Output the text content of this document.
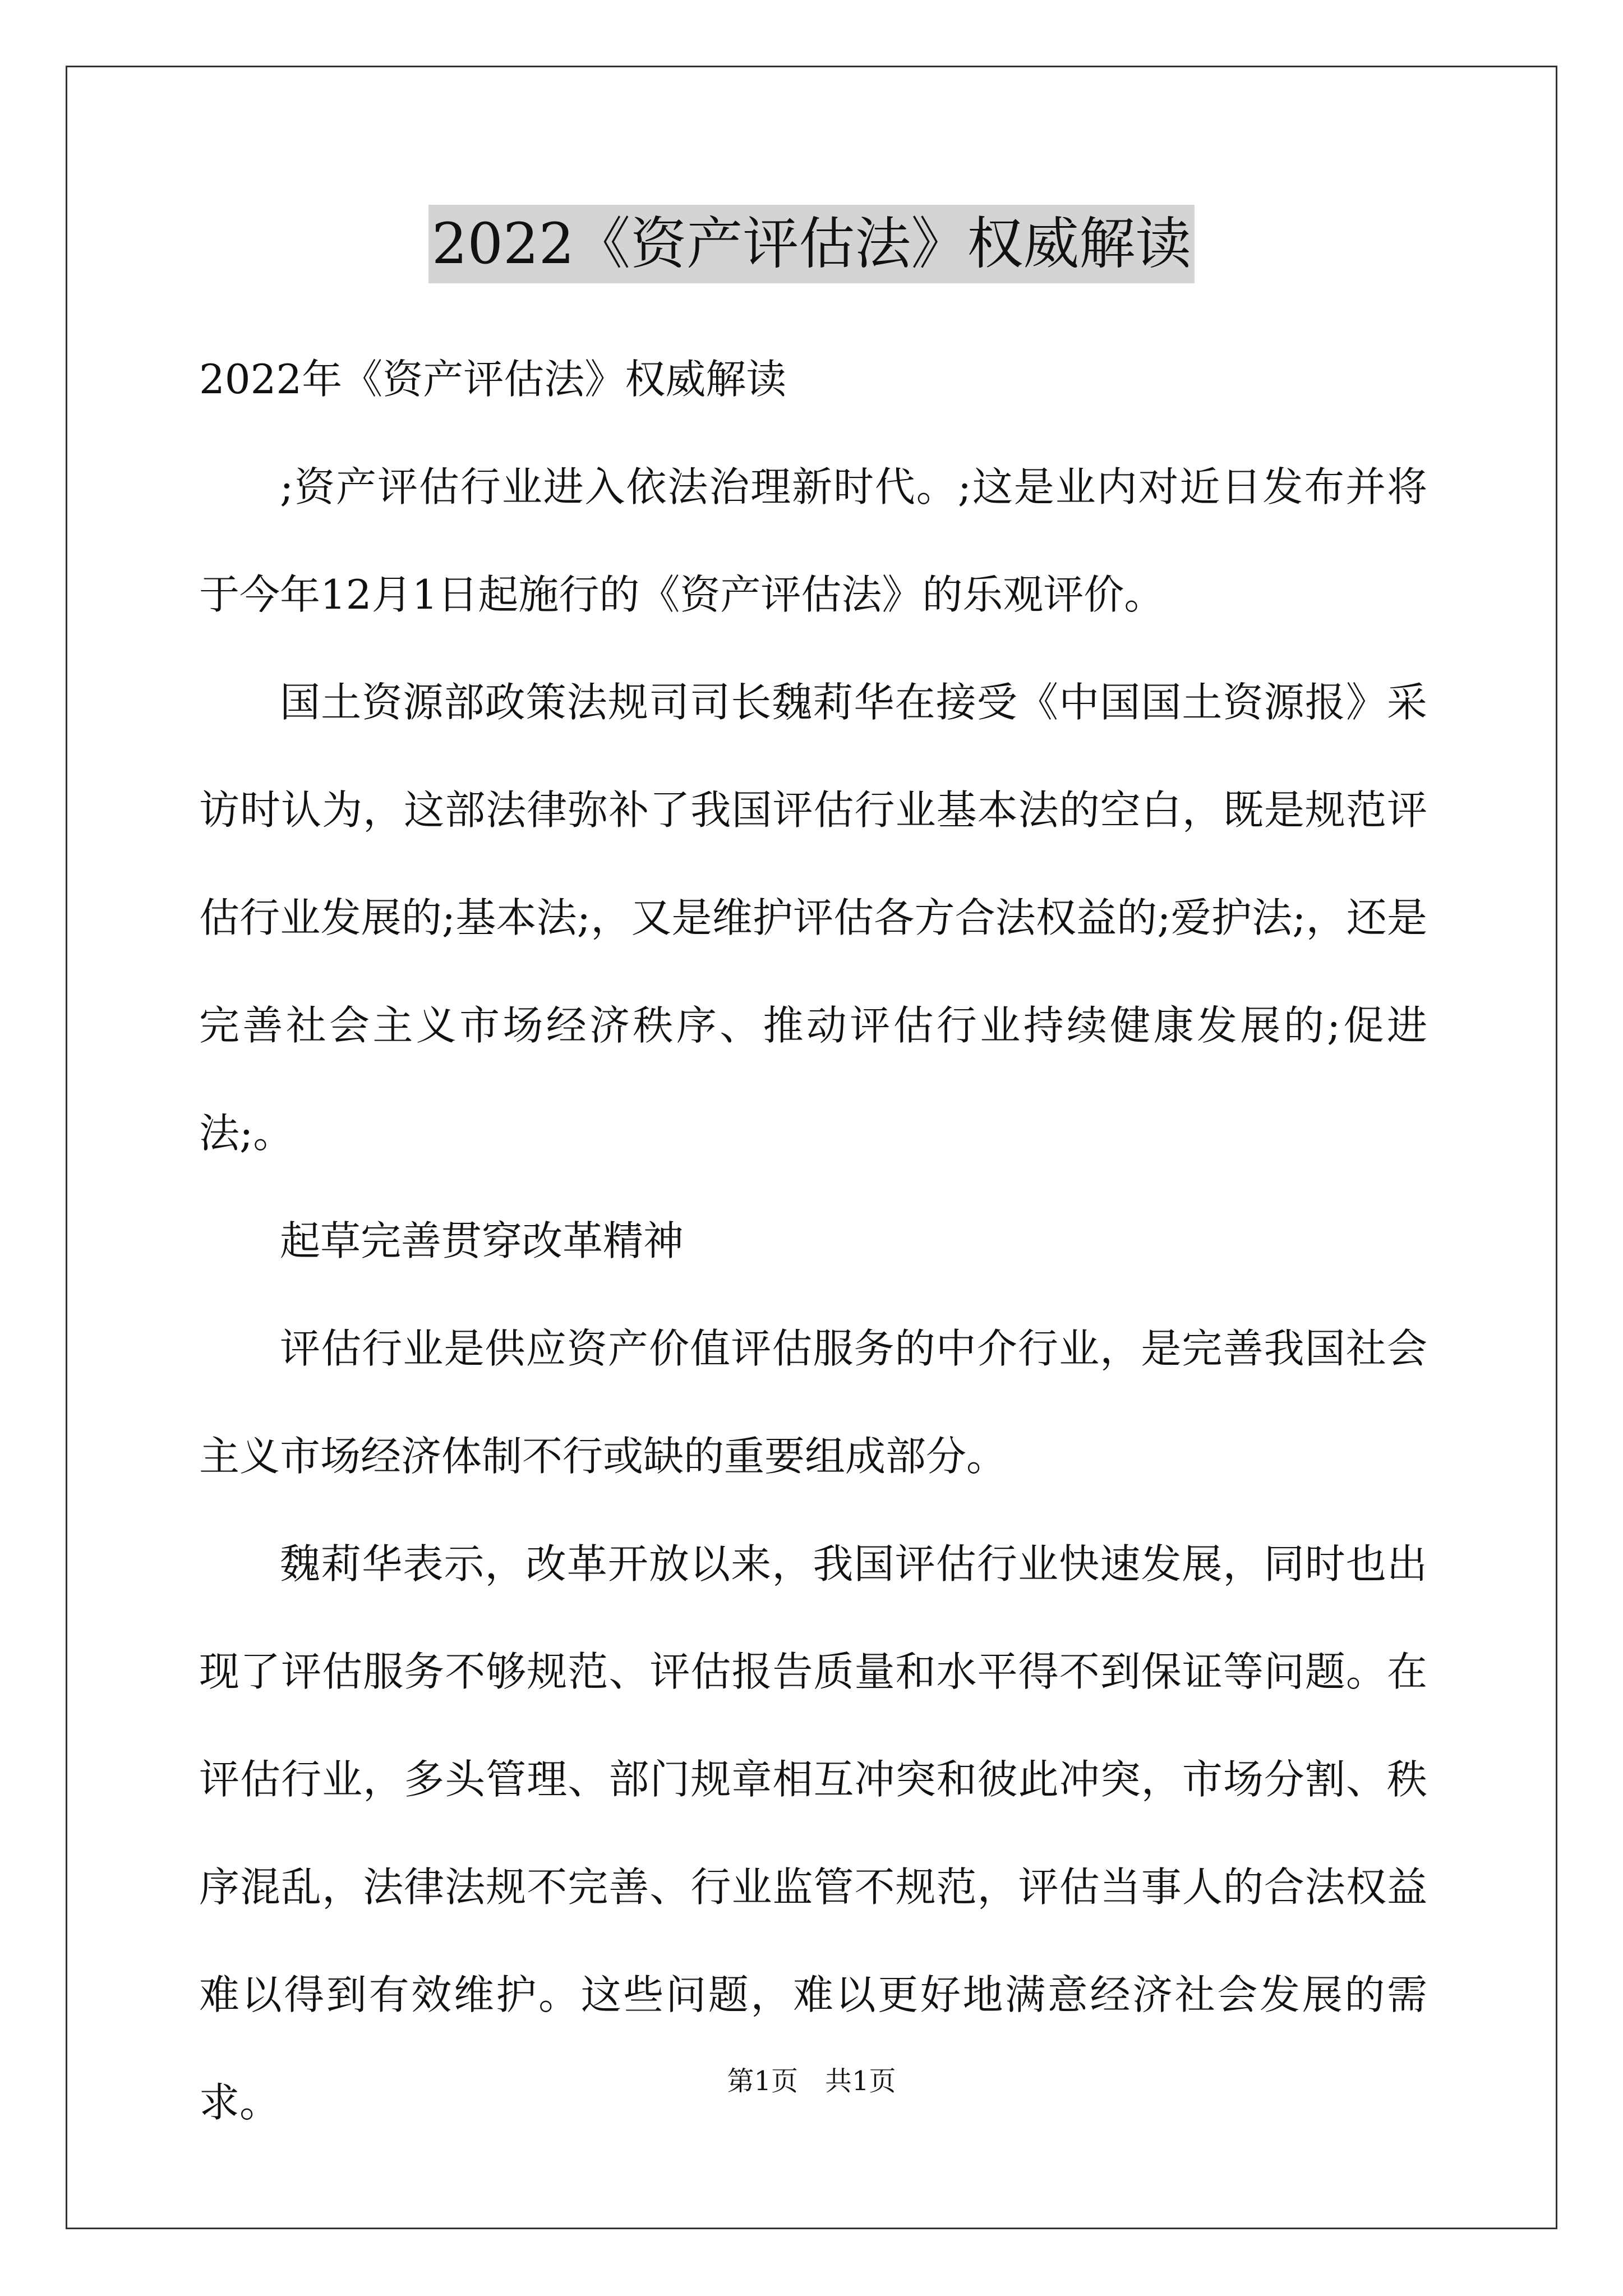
2022《资产评估法》权威解读

2022年《资产评估法》权威解读

;资产评估行业进入依法治理新时代。;这是业内对近日发布并将于今年12月1日起施行的《资产评估法》的乐观评价。

国土资源部政策法规司司长魏莉华在接受《中国国土资源报》采访时认为，这部法律弥补了我国评估行业基本法的空白，既是规范评估行业发展的;基本法;，又是维护评估各方合法权益的;爱护法;，还是完善社会主义市场经济秩序、推动评估行业持续健康发展的;促进法;。

起草完善贯穿改革精神

评估行业是供应资产价值评估服务的中介行业，是完善我国社会主义市场经济体制不行或缺的重要组成部分。

魏莉华表示，改革开放以来，我国评估行业快速发展，同时也出现了评估服务不够规范、评估报告质量和水平得不到保证等问题。在评估行业，多头管理、部门规章相互冲突和彼此冲突，市场分割、秩序混乱，法律法规不完善、行业监管不规范，评估当事人的合法权益难以得到有效维护。这些问题，难以更好地满意经济社会发展的需求。	第1页　共1页
